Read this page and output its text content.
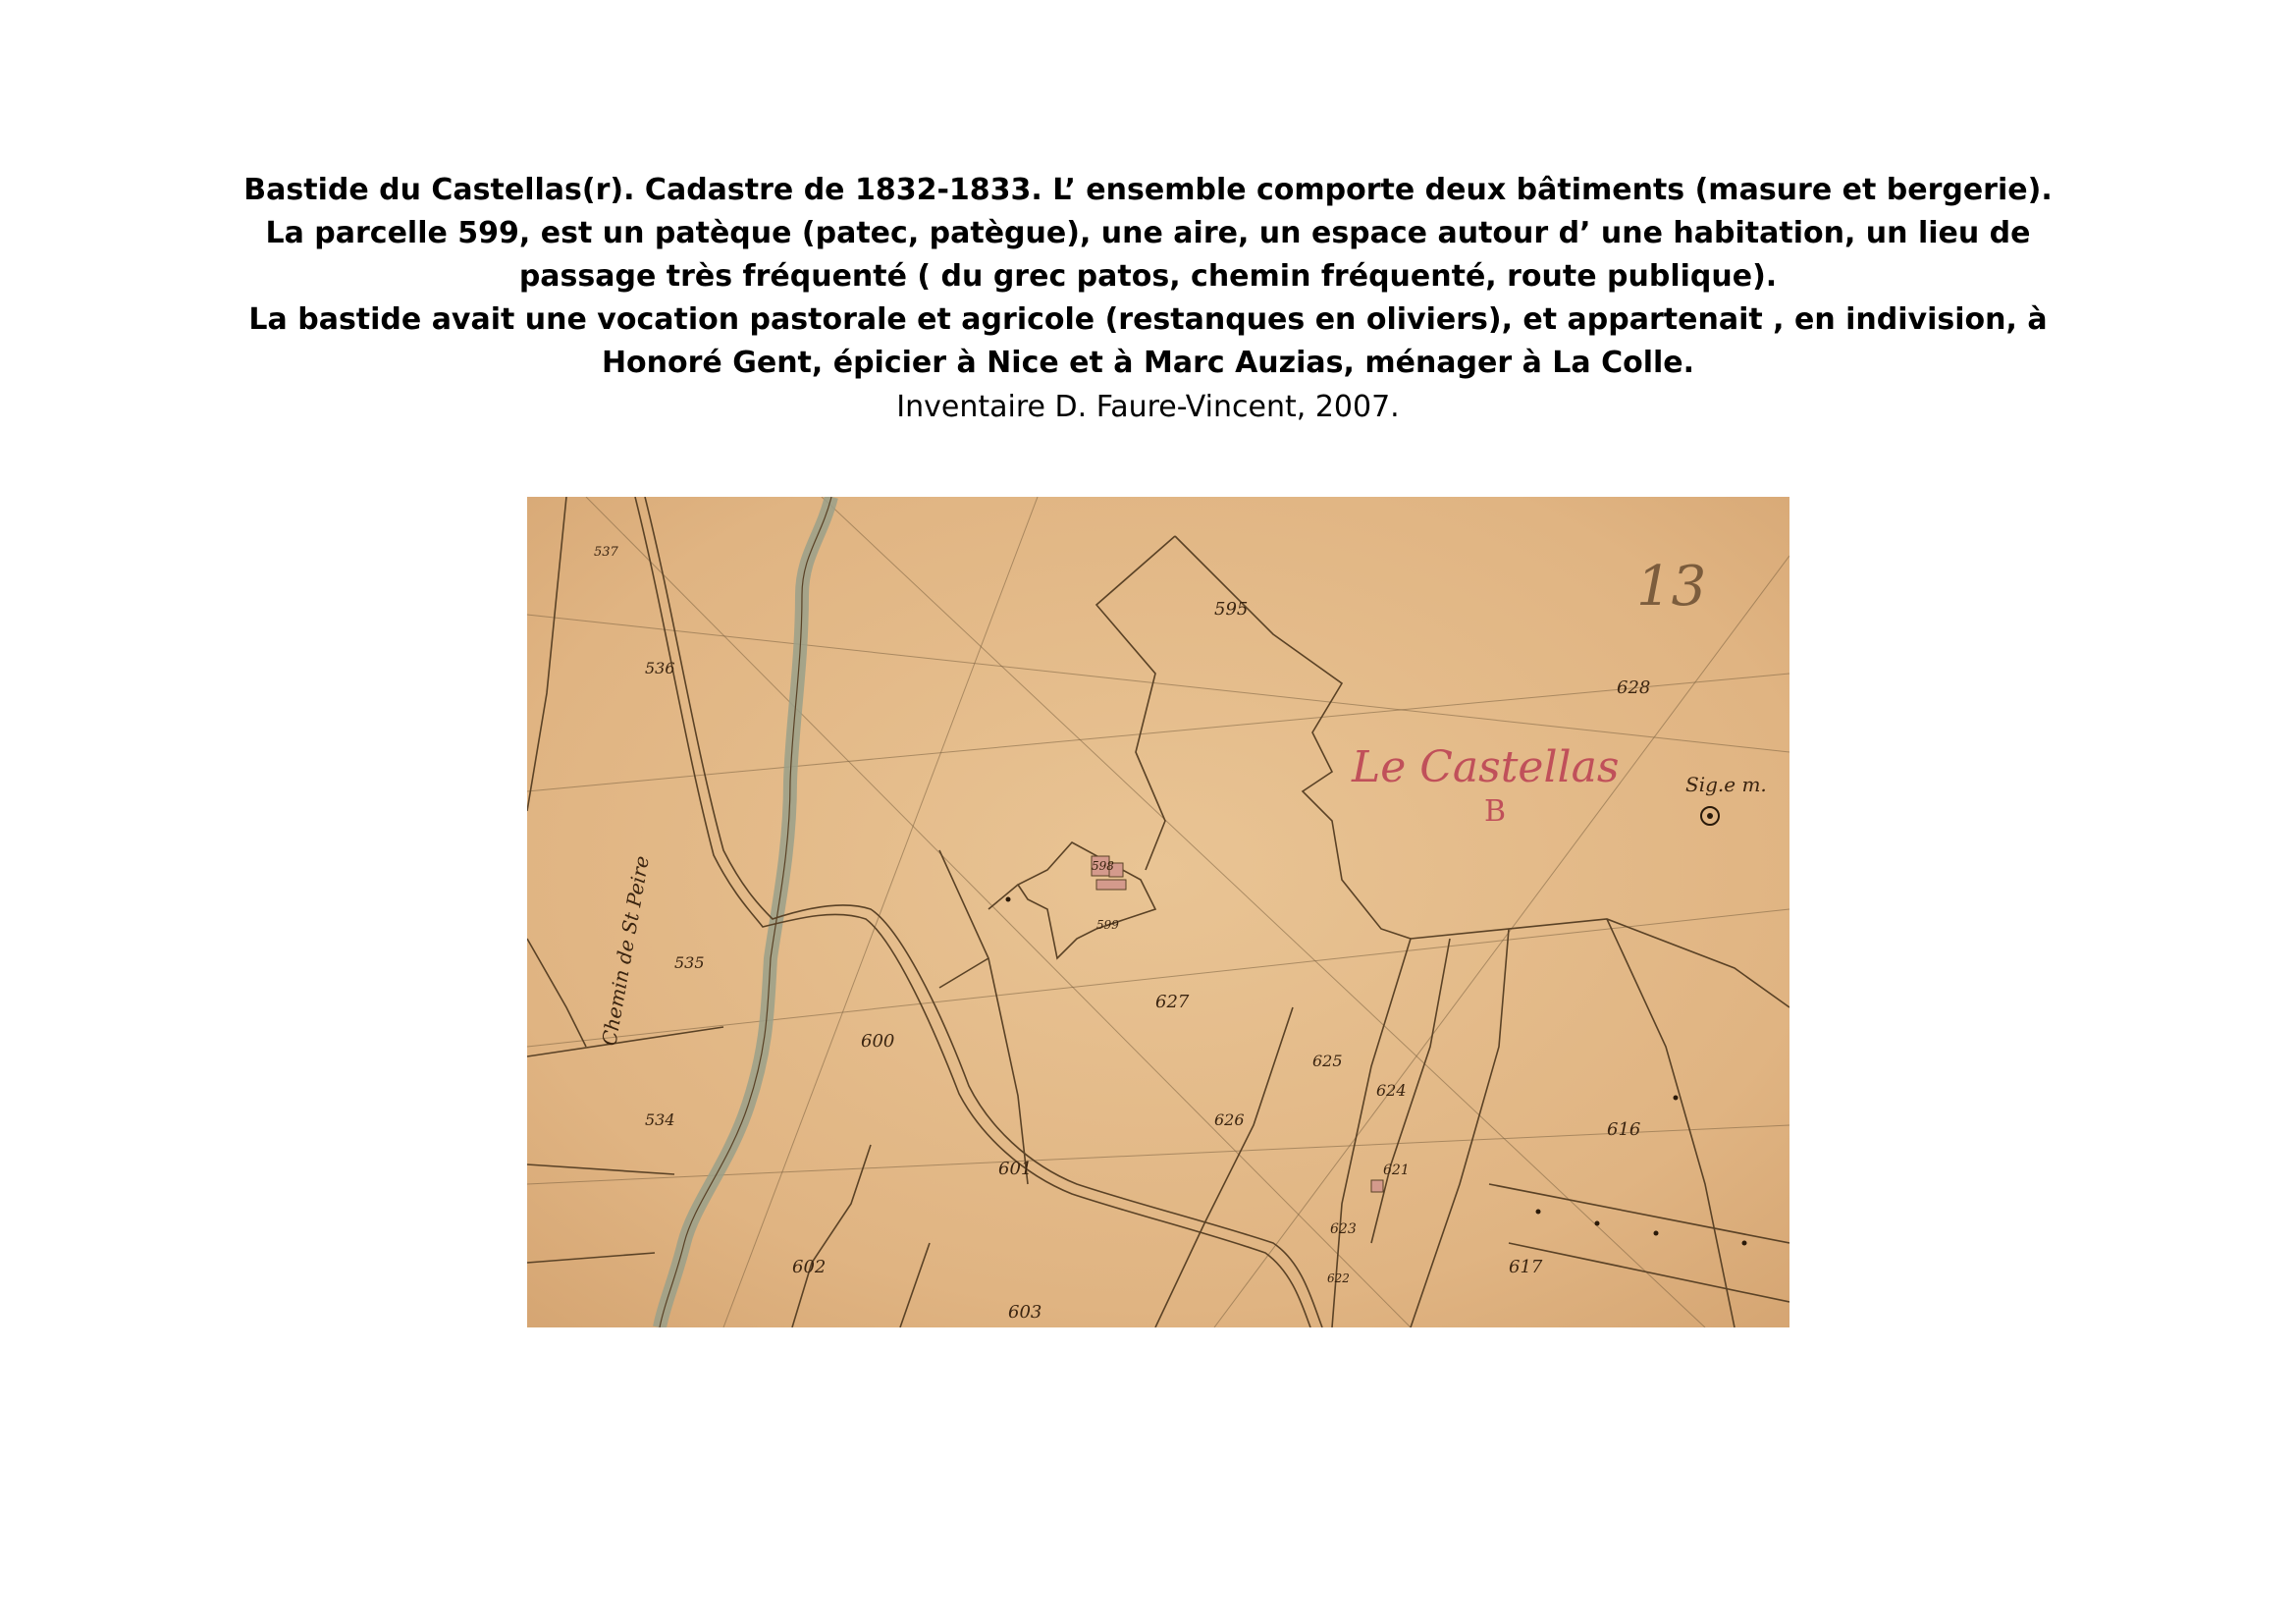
Bastide du Castellas(r). Cadastre de 1832-1833. L’ ensemble comporte deux bâtiments (masure et bergerie).
La parcelle 599, est un patèque (patec, patègue), une aire, un espace autour d’ une habitation, un lieu de
passage très fréquenté ( du grec patos, chemin fréquenté, route publique).
La bastide avait une vocation pastorale et agricole (restanques en oliviers), et appartenait , en indivision, à
Honoré Gent, épicier à Nice et à Marc Auzias, ménager à La Colle.
Inventaire D. Faure-Vincent, 2007.
595
598
599
600
601
602
603
628
627
626
625
624
623
622
621
616
617
537
536
535
534
13
Le Castellas
B
Sig.e m.
Chemin de St Peire
